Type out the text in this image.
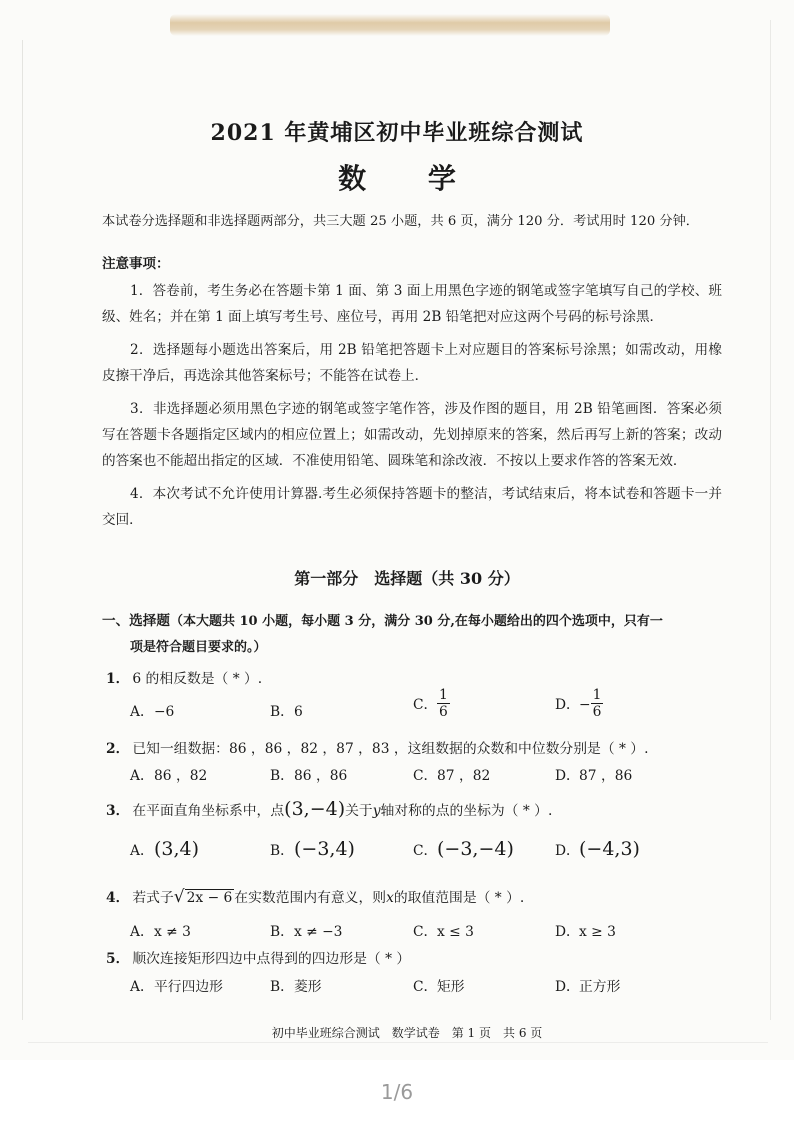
2021 年黄埔区初中毕业班综合测试
数 学
本试卷分选择题和非选择题两部分，共三大题 25 小题，共 6 页，满分 120 分．考试用时 120 分钟．
注意事项：

1．答卷前，考生务必在答题卡第 1 面、第 3 面上用黑色字迹的钢笔或签字笔填写自己的学校、班级、姓名；并在第 1 面上填写考生号、座位号，再用 2B 铅笔把对应这两个号码的标号涂黑．

2．选择题每小题选出答案后，用 2B 铅笔把答题卡上对应题目的答案标号涂黑；如需改动，用橡皮擦干净后，再选涂其他答案标号；不能答在试卷上．

3．非选择题必须用黑色字迹的钢笔或签字笔作答，涉及作图的题目，用 2B 铅笔画图．答案必须写在答题卡各题指定区域内的相应位置上；如需改动，先划掉原来的答案，然后再写上新的答案；改动的答案也不能超出指定的区域．不准使用铅笔、圆珠笔和涂改液．不按以上要求作答的答案无效．

4．本次考试不允许使用计算器.考生必须保持答题卡的整洁，考试结束后，将本试卷和答题卡一并交回．

第一部分　选择题（共 30 分）
一、选择题（本大题共 10 小题，每小题 3 分，满分 30 分,在每小题给出的四个选项中，只有一
项是符合题目要求的。）
1． 6 的相反数是（ * ）.
A．−6	B．6	C． $\frac{1}{6}$	D．− $\frac{1}{6}$
2． 已知一组数据：86 ，86 ，82 ，87 ，83 ，这组数据的众数和中位数分别是（ * ）.
A．86 ，82	B．86 ，86	C．87 ，82	D．87 ，86
3． 在平面直角坐标系中，点(3,−4)关于y轴对称的点的坐标为（ * ）.
A．(3,4)	B．(−3,4)	C．(−3,−4)	D．(−4,3)
4． 若式子√ 2x − 6 在实数范围内有意义，则x的取值范围是（ * ）.
A．x ≠ 3	B．x ≠ −3	C．x ≤ 3	D．x ≥ 3
5． 顺次连接矩形四边中点得到的四边形是（ * ）
A．平行四边形	B．菱形	C．矩形	D．正方形
初中毕业班综合测试　数学试卷　第 1 页　共 6 页
1/6
